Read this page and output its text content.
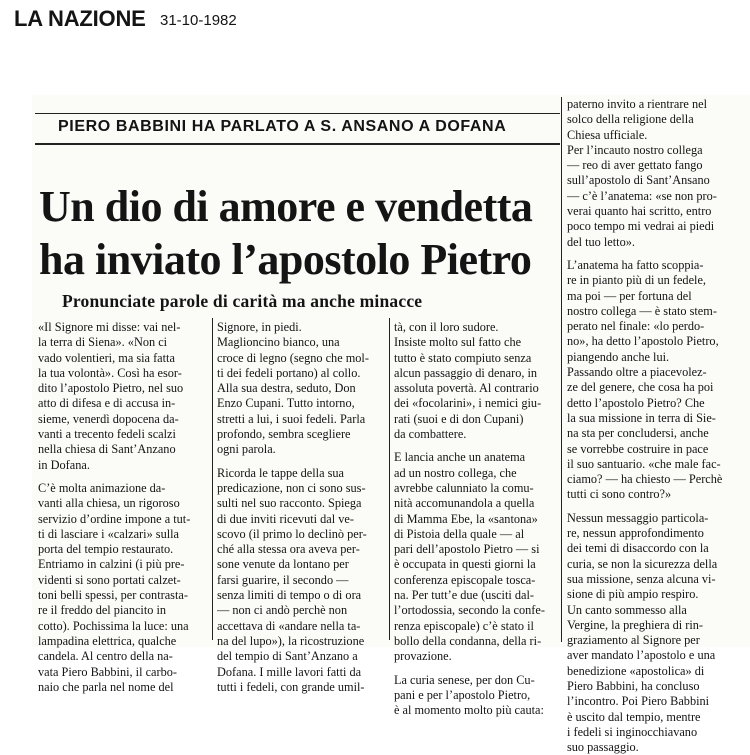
LA NAZIONE 31-10-1982
PIERO BABBINI HA PARLATO A S. ANSANO A DOFANA
Un dio di amore e vendetta
ha inviato l’apostolo Pietro
Pronunciate parole di carità ma anche minacce
«Il Signore mi disse: vai nel-
la terra di Siena». «Non ci
vado volentieri, ma sia fatta
la tua volontà». Così ha esor-
dito l’apostolo Pietro, nel suo
atto di difesa e di accusa in-
sieme, venerdì dopocena da-
vanti a trecento fedeli scalzi
nella chiesa di Sant’Anzano
in Dofana.
C’è molta animazione da-
vanti alla chiesa, un rigoroso
servizio d’ordine impone a tut-
ti di lasciare i «calzari» sulla
porta del tempio restaurato.
Entriamo in calzini (i più pre-
videnti si sono portati calzet-
toni belli spessi, per contrasta-
re il freddo del piancito in
cotto). Pochissima la luce: una
lampadina elettrica, qualche
candela. Al centro della na-
vata Piero Babbini, il carbo-
naio che parla nel nome del
Signore, in piedi.
Maglioncino bianco, una
croce di legno (segno che mol-
ti dei fedeli portano) al collo.
Alla sua destra, seduto, Don
Enzo Cupani. Tutto intorno,
stretti a lui, i suoi fedeli. Parla
profondo, sembra scegliere
ogni parola.
Ricorda le tappe della sua
predicazione, non ci sono sus-
sulti nel suo racconto. Spiega
di due inviti ricevuti dal ve-
scovo (il primo lo declinò per-
ché alla stessa ora aveva per-
sone venute da lontano per
farsi guarire, il secondo —
senza limiti di tempo o di ora
— non ci andò perchè non
accettava di «andare nella ta-
na del lupo»), la ricostruzione
del tempio di Sant’Anzano a
Dofana. I mille lavori fatti da
tutti i fedeli, con grande umil-
tà, con il loro sudore.
Insiste molto sul fatto che
tutto è stato compiuto senza
alcun passaggio di denaro, in
assoluta povertà. Al contrario
dei «focolarini», i nemici giu-
rati (suoi e di don Cupani)
da combattere.
E lancia anche un anatema
ad un nostro collega, che
avrebbe calunniato la comu-
nità accomunandola a quella
di Mamma Ebe, la «santona»
di Pistoia della quale — al
pari dell’apostolo Pietro — si
è occupata in questi giorni la
conferenza episcopale tosca-
na. Per tutt’e due (usciti dal-
l’ortodossia, secondo la confe-
renza episcopale) c’è stato il
bollo della condanna, della ri-
provazione.
La curia senese, per don Cu-
pani e per l’apostolo Pietro,
è al momento molto più cauta:
paterno invito a rientrare nel
solco della religione della
Chiesa ufficiale.
Per l’incauto nostro collega
— reo di aver gettato fango
sull’apostolo di Sant’Ansano
— c’è l’anatema: «se non pro-
verai quanto hai scritto, entro
poco tempo mi vedrai ai piedi
del tuo letto».
L’anatema ha fatto scoppia-
re in pianto più di un fedele,
ma poi — per fortuna del
nostro collega — è stato stem-
perato nel finale: «lo perdo-
no», ha detto l’apostolo Pietro,
piangendo anche lui.
Passando oltre a piacevolez-
ze del genere, che cosa ha poi
detto l’apostolo Pietro? Che
la sua missione in terra di Sie-
na sta per concludersi, anche
se vorrebbe costruire in pace
il suo santuario. «che male fac-
ciamo? — ha chiesto — Perchè
tutti ci sono contro?»
Nessun messaggio particola-
re, nessun approfondimento
dei temi di disaccordo con la
curia, se non la sicurezza della
sua missione, senza alcuna vi-
sione di più ampio respiro.
Un canto sommesso alla
Vergine, la preghiera di rin-
graziamento al Signore per
aver mandato l’apostolo e una
benedizione «apostolica» di
Piero Babbini, ha concluso
l’incontro. Poi Piero Babbini
è uscito dal tempio, mentre
i fedeli si inginocchiavano
suo passaggio.
